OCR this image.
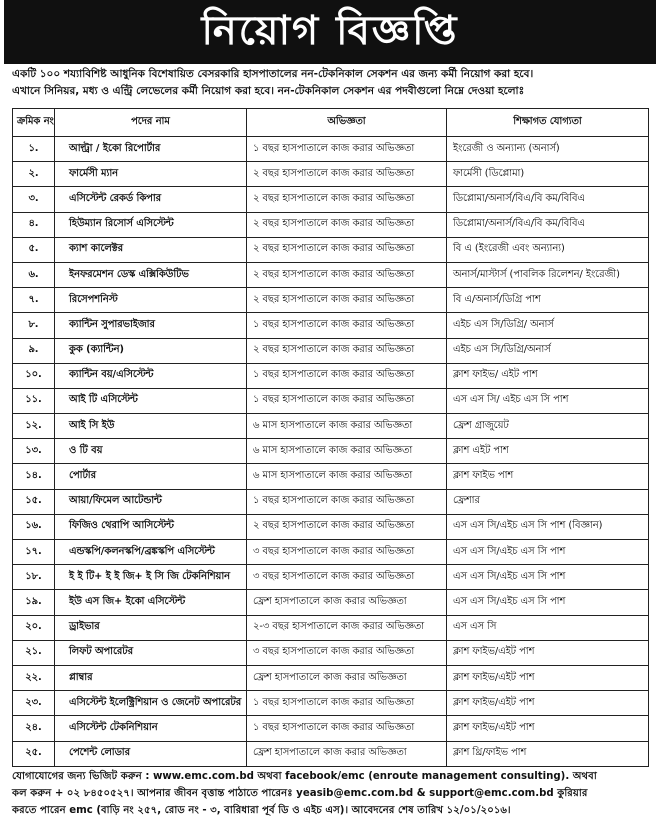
নিয়োগ বিজ্ঞপ্তি
একটি ১০০ শয্যাবিশিষ্ট আধুনিক বিশেষায়িত বেসরকারি হাসপাতালের নন-টেকনিকাল সেকশন এর জন্য কর্মী নিয়োগ করা হবে।
এখানে সিনিয়র, মধ্য ও এন্ট্রি লেভেলের কর্মী নিয়োগ করা হবে। নন-টেকনিকাল সেকশন এর পদবীগুলো নিম্নে দেওয়া হলোঃ
ক্রমিক নং	পদের নাম	অভিজ্ঞতা	শিক্ষাগত যোগ্যতা
১.	আল্ট্রা / ইকো রিপোর্টার	১ বছর হাসপাতালে কাজ করার অভিজ্ঞতা	ইংরেজী ও অন্যান্য (অনার্স)
২.	ফার্মেসী ম্যান	২ বছর হাসপাতালে কাজ করার অভিজ্ঞতা	ফার্মেসী (ডিপ্লোমা)
৩.	এসিস্টেন্ট রেকর্ড কিপার	২ বছর হাসপাতালে কাজ করার অভিজ্ঞতা	ডিপ্লোমা/অনার্স/বিএ/বি কম/বিবিএ
৪.	হিউম্যান রিসোর্স এসিস্টেন্ট	২ বছর হাসপাতালে কাজ করার অভিজ্ঞতা	ডিপ্লোমা/অনার্স/বিএ/বি কম/বিবিএ
৫.	ক্যাশ কালেক্টর	২ বছর হাসপাতালে কাজ করার অভিজ্ঞতা	বি এ (ইংরেজী এবং অন্যান্য)
৬.	ইনফরমেশন ডেস্ক এক্সিকিউটিভ	২ বছর হাসপাতালে কাজ করার অভিজ্ঞতা	অনার্স/মাস্টার্স (পাবলিক রিলেশন/ ইংরেজী)
৭.	রিসেপশনিস্ট	২ বছর হাসপাতালে কাজ করার অভিজ্ঞতা	বি এ/অনার্স/ডিগ্রি পাশ
৮.	ক্যান্টিন সুপারভাইজার	১ বছর হাসপাতালে কাজ করার অভিজ্ঞতা	এইচ এস সি/ডিগ্রি/ অনার্স
৯.	কুক (ক্যান্টিন)	২ বছর হাসপাতালে কাজ করার অভিজ্ঞতা	এইচ এস সি/ডিগ্রি/অনার্স
১০.	ক্যান্টিন বয়/এসিস্টেন্ট	১ বছর হাসপাতালে কাজ করার অভিজ্ঞতা	ক্লাশ ফাইভ/ এইট পাশ
১১.	আই টি এসিস্টেন্ট	১ বছর হাসপাতালে কাজ করার অভিজ্ঞতা	এস এস সি/ এইচ এস সি পাশ
১২.	আই সি ইউ	৬ মাস হাসপাতালে কাজ করার অভিজ্ঞতা	ফ্রেশ গ্রাজুয়েট
১৩.	ও টি বয়	৬ মাস হাসপাতালে কাজ করার অভিজ্ঞতা	ক্লাশ এইট পাশ
১৪.	পোর্টার	৬ মাস হাসপাতালে কাজ করার অভিজ্ঞতা	ক্লাশ ফাইভ পাশ
১৫.	আয়া/ফিমেল আটেন্ডান্ট	১ বছর হাসপাতালে কাজ করার অভিজ্ঞতা	ফ্রেশার
১৬.	ফিজিও থেরাপি আসিস্টেন্ট	২ বছর হাসপাতালে কাজ করার অভিজ্ঞতা	এস এস সি/এইচ এস সি পাশ (বিজ্ঞান)
১৭.	এন্ডস্কপি/কলনস্কপি/ব্রঙ্কস্কপি এসিস্টেন্ট	৩ বছর হাসপাতালে কাজ করার অভিজ্ঞতা	এস এস সি/এইচ এস সি পাশ
১৮.	ই ই টি+ ই ই জি+ ই সি জি টেকনিশিয়ান	৩ বছর হাসপাতালে কাজ করার অভিজ্ঞতা	এস এস সি/এইচ এস সি পাশ
১৯.	ইউ এস জি+ ইকো এসিস্টেন্ট	ফ্রেশ হাসপাতালে কাজ করার অভিজ্ঞতা	এস এস সি/এইচ এস সি পাশ
২০.	ড্রাইভার	২-৩ বছর হাসপাতালে কাজ করার অভিজ্ঞতা	এস এস সি
২১.	লিফট অপারেটর	৩ বছর হাসপাতালে কাজ করার অভিজ্ঞতা	ক্লাশ ফাইভ/এইট পাশ
২২.	প্লাম্বার	ফ্রেশ হাসপাতালে কাজ করার অভিজ্ঞতা	ক্লাশ ফাইভ/এইট পাশ
২৩.	এসিস্টেন্ট ইলেক্ট্রিশিয়ান ও জেনেট অপারেটর	১ বছর হাসপাতালে কাজ করার অভিজ্ঞতা	ক্লাশ ফাইভ/এইট পাশ
২৪.	এসিস্টেন্ট টেকনিশিয়ান	১ বছর হাসপাতালে কাজ করার অভিজ্ঞতা	ক্লাশ ফাইভ/এইট পাশ
২৫.	পেশেন্ট লোডার	ফ্রেশ হাসপাতালে কাজ করার অভিজ্ঞতা	ক্লাশ থ্রি/ফাইভ পাশ
যোগাযোগের জন্য ভিজিট করুন : www.emc.com.bd অথবা facebook/emc (enroute management consulting). অথবা
কল করুন + ০২ ৮৪৫০৫২৭। আপনার জীবন বৃত্তান্ত পাঠাতে পারেনঃ yeasib@emc.com.bd & support@emc.com.bd কুরিয়ার
করতে পারেন emc (বাড়ি নং ২৫৭, রোড নং - ৩, বারিধারা পূর্ব ডি ও এইচ এস)। আবেদনের শেষ তারিখ ১২/০১/২০১৬।
